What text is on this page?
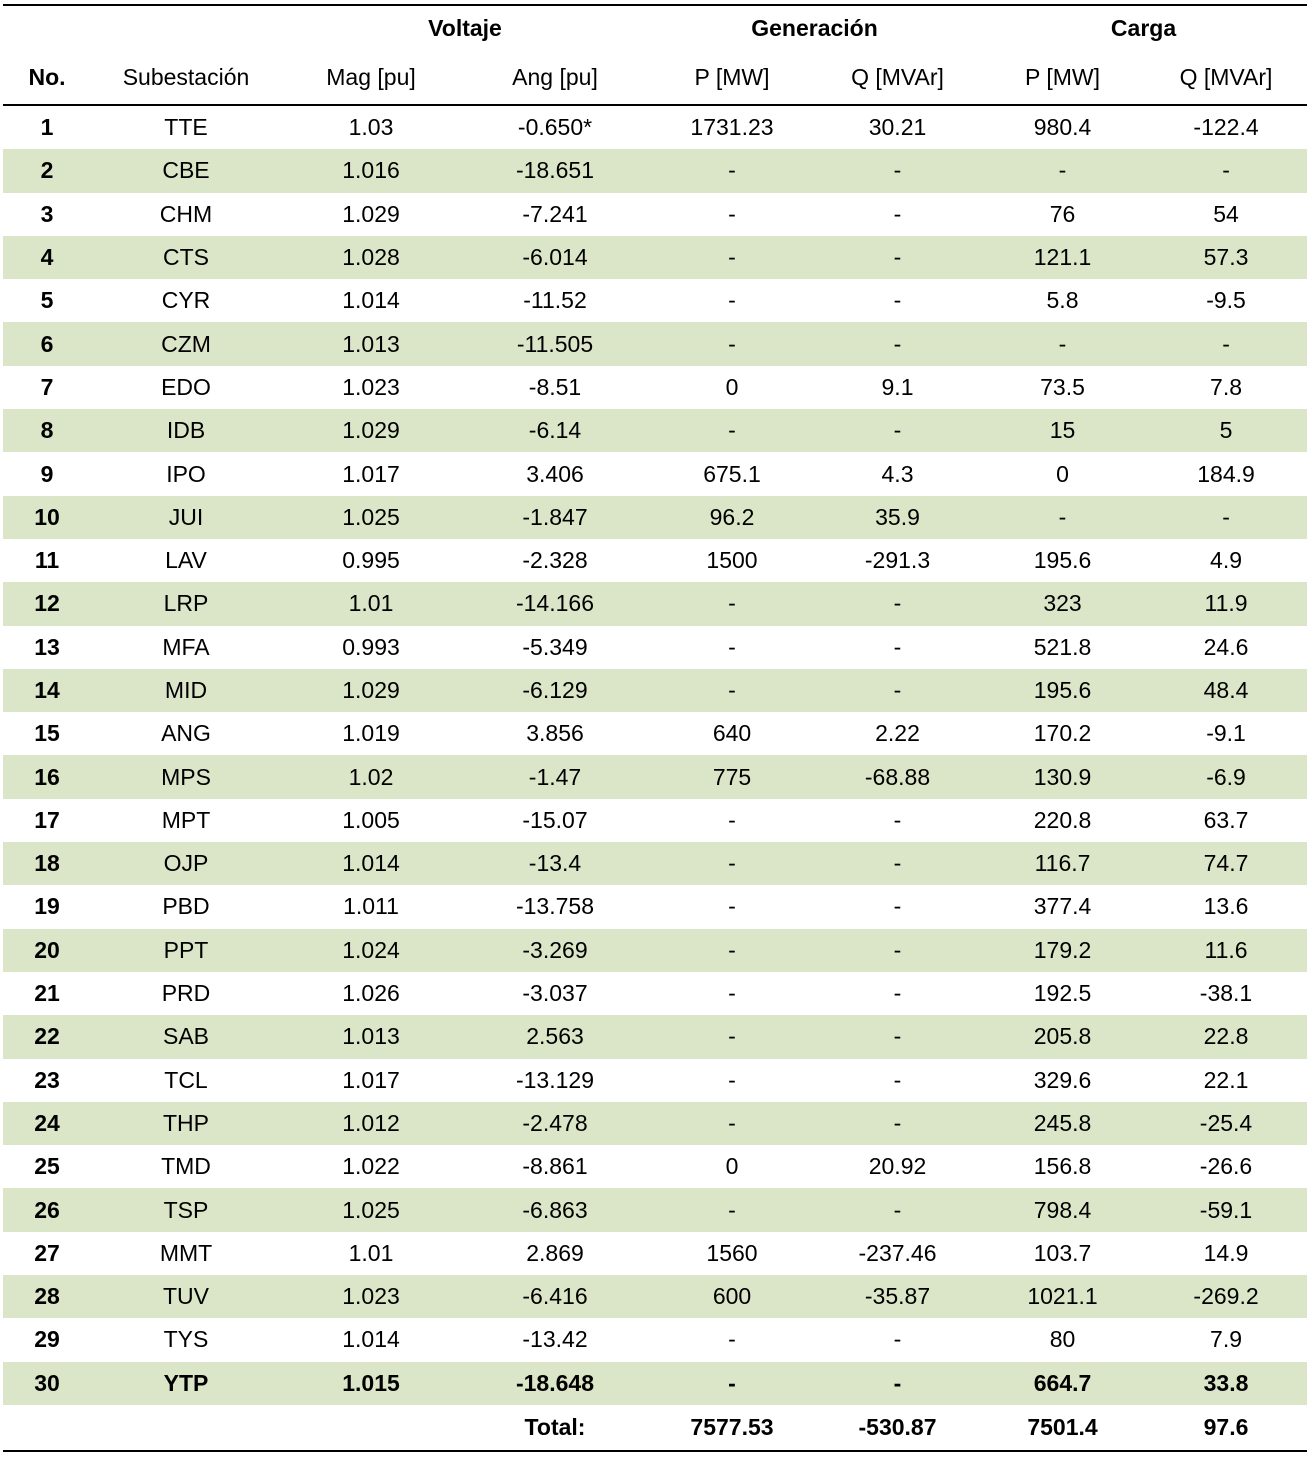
		Voltaje		Generación		Carga	
No.	Subestación	Mag [pu]	Ang [pu]	P [MW]	Q [MVAr]	P [MW]	Q [MVAr]
1	TTE	1.03	-0.650*	1731.23	30.21	980.4	-122.4
2	CBE	1.016	-18.651	-	-	-	-
3	CHM	1.029	-7.241	-	-	76	54
4	CTS	1.028	-6.014	-	-	121.1	57.3
5	CYR	1.014	-11.52	-	-	5.8	-9.5
6	CZM	1.013	-11.505	-	-	-	-
7	EDO	1.023	-8.51	0	9.1	73.5	7.8
8	IDB	1.029	-6.14	-	-	15	5
9	IPO	1.017	3.406	675.1	4.3	0	184.9
10	JUI	1.025	-1.847	96.2	35.9	-	-
11	LAV	0.995	-2.328	1500	-291.3	195.6	4.9
12	LRP	1.01	-14.166	-	-	323	11.9
13	MFA	0.993	-5.349	-	-	521.8	24.6
14	MID	1.029	-6.129	-	-	195.6	48.4
15	ANG	1.019	3.856	640	2.22	170.2	-9.1
16	MPS	1.02	-1.47	775	-68.88	130.9	-6.9
17	MPT	1.005	-15.07	-	-	220.8	63.7
18	OJP	1.014	-13.4	-	-	116.7	74.7
19	PBD	1.011	-13.758	-	-	377.4	13.6
20	PPT	1.024	-3.269	-	-	179.2	11.6
21	PRD	1.026	-3.037	-	-	192.5	-38.1
22	SAB	1.013	2.563	-	-	205.8	22.8
23	TCL	1.017	-13.129	-	-	329.6	22.1
24	THP	1.012	-2.478	-	-	245.8	-25.4
25	TMD	1.022	-8.861	0	20.92	156.8	-26.6
26	TSP	1.025	-6.863	-	-	798.4	-59.1
27	MMT	1.01	2.869	1560	-237.46	103.7	14.9
28	TUV	1.023	-6.416	600	-35.87	1021.1	-269.2
29	TYS	1.014	-13.42	-	-	80	7.9
30	YTP	1.015	-18.648	-	-	664.7	33.8
			Total:	7577.53	-530.87	7501.4	97.6
